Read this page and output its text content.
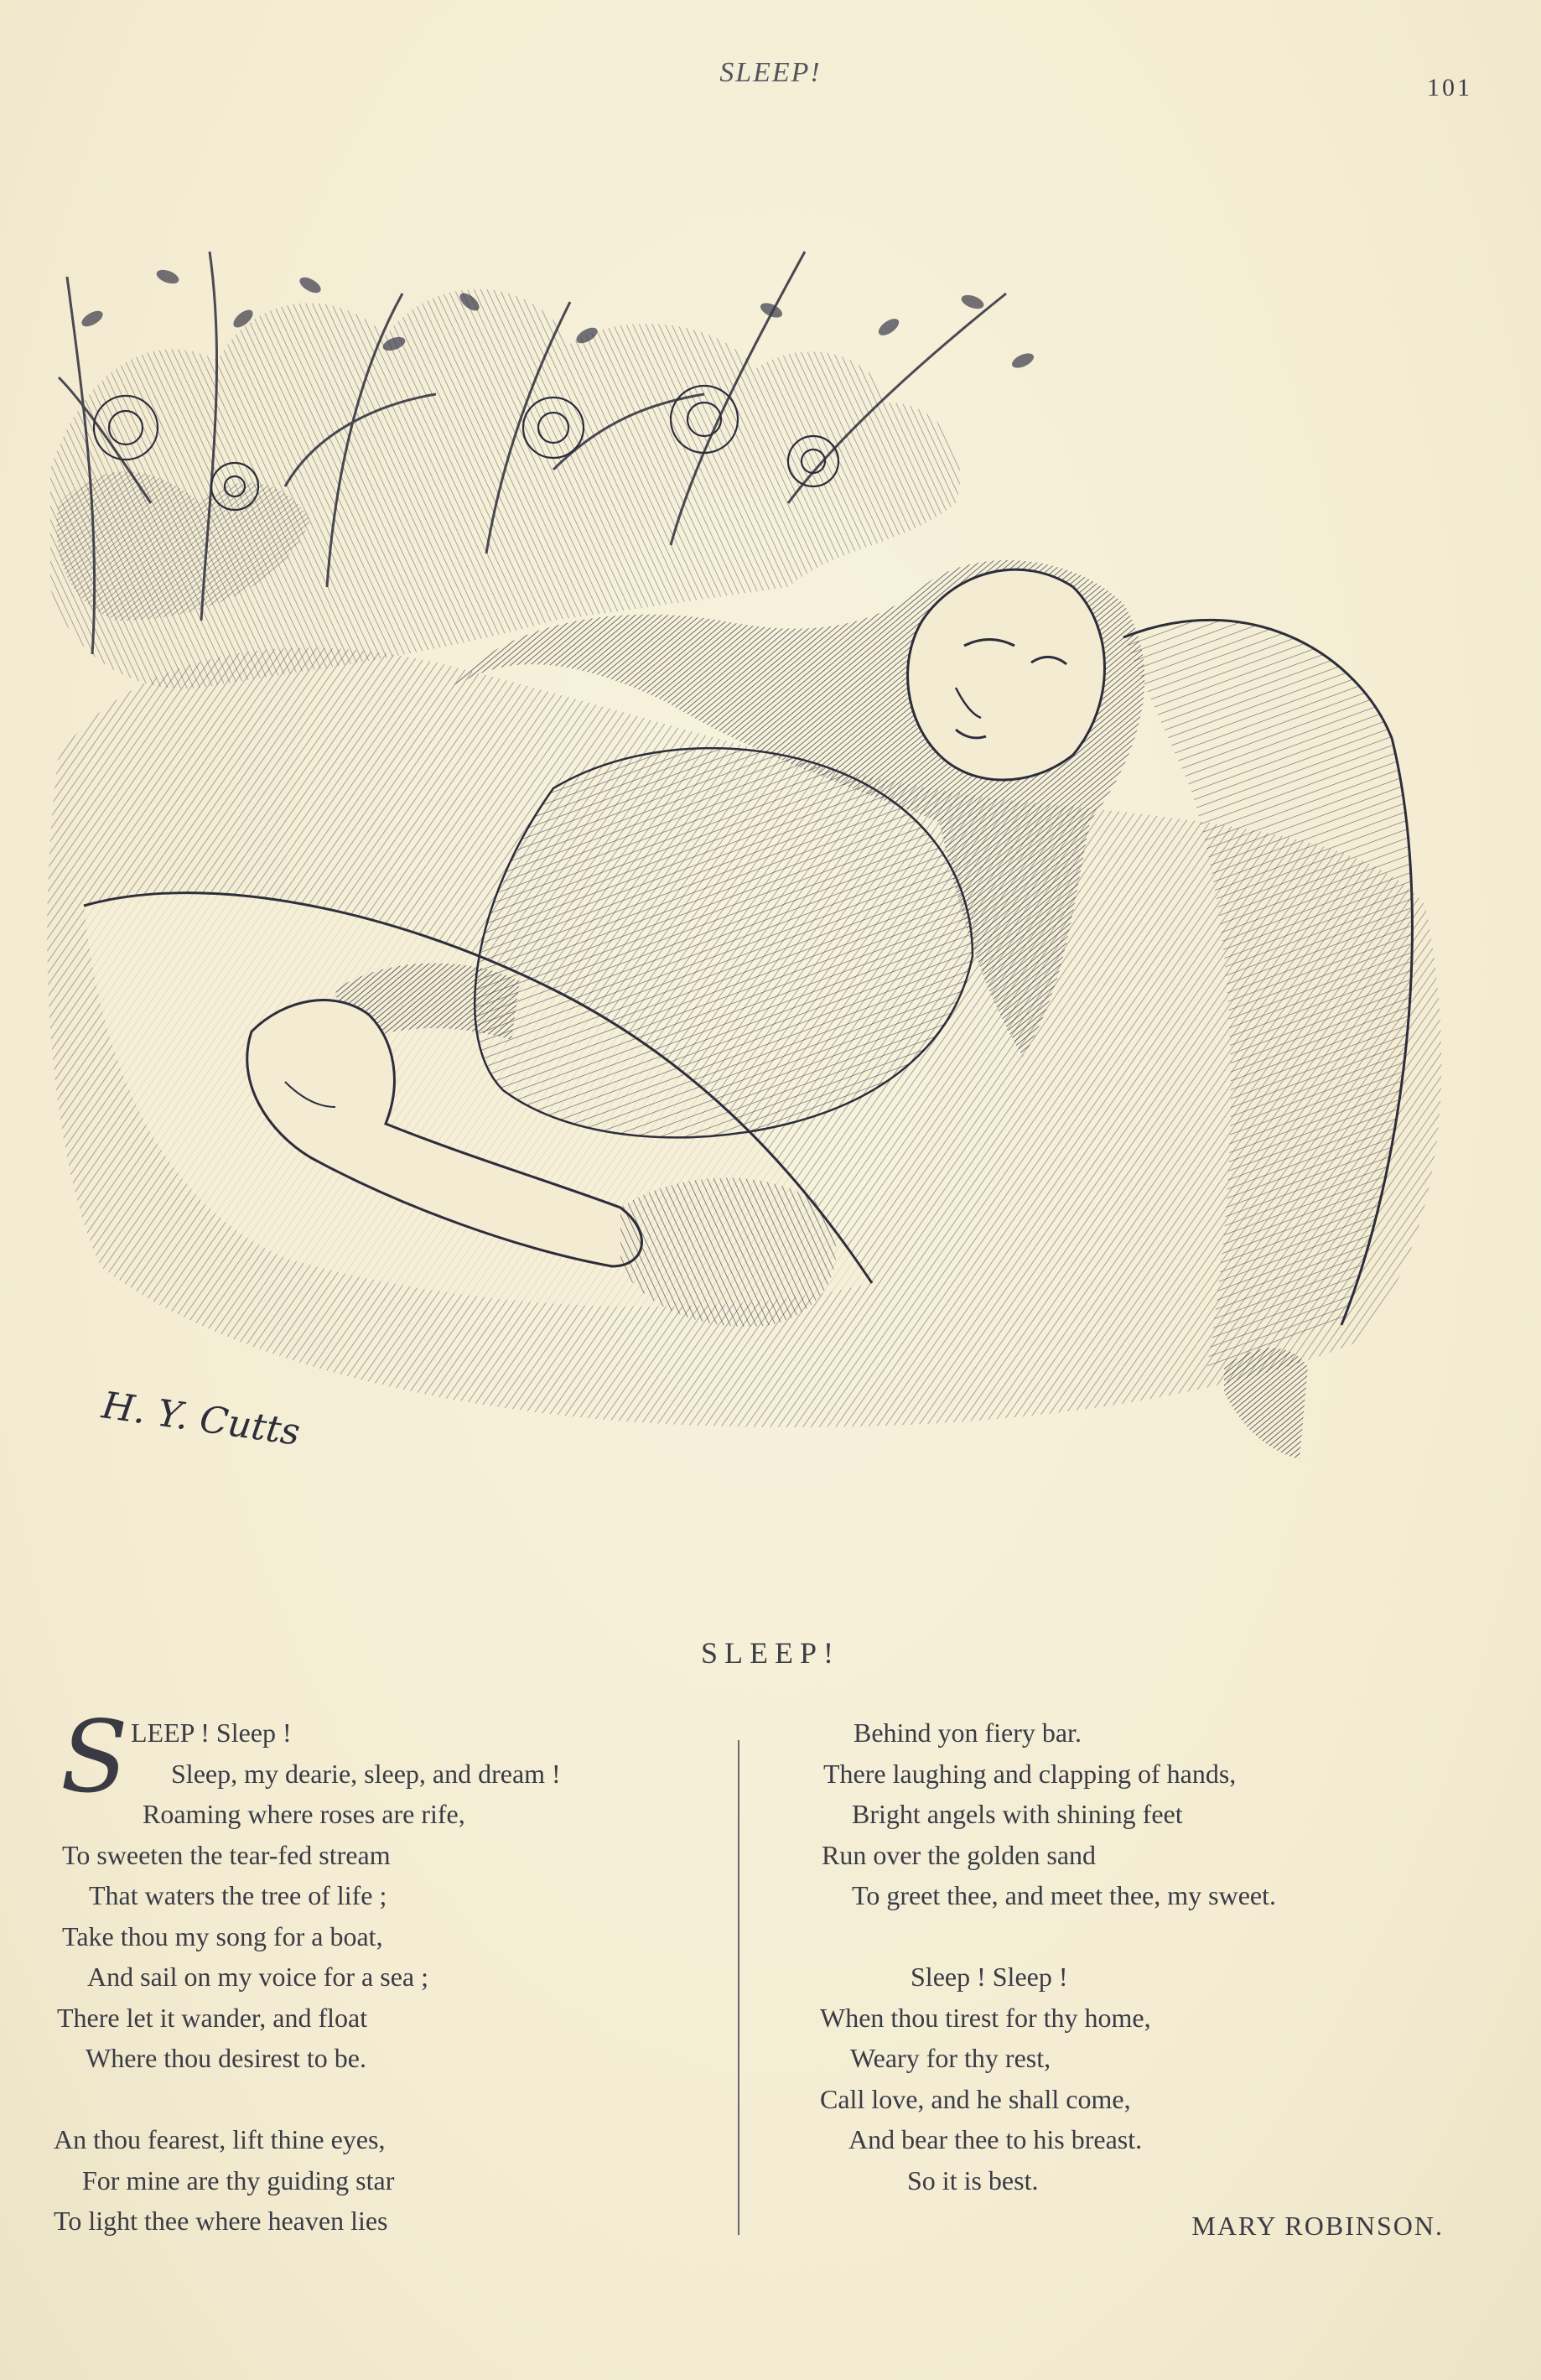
SLEEP!	101
H. Y. Cutts
SLEEP!
S LEEP ! Sleep !
Sleep, my dearie, sleep, and dream !
Roaming where roses are rife,
To sweeten the tear-fed stream
That waters the tree of life ;
Take thou my song for a boat,
And sail on my voice for a sea ;
There let it wander, and float
Where thou desirest to be.
An thou fearest, lift thine eyes,
For mine are thy guiding star
To light thee where heaven lies
Behind yon fiery bar.
There laughing and clapping of hands,
Bright angels with shining feet
Run over the golden sand
To greet thee, and meet thee, my sweet.
Sleep ! Sleep !
When thou tirest for thy home,
Weary for thy rest,
Call love, and he shall come,
And bear thee to his breast.
So it is best.
MARY ROBINSON.
